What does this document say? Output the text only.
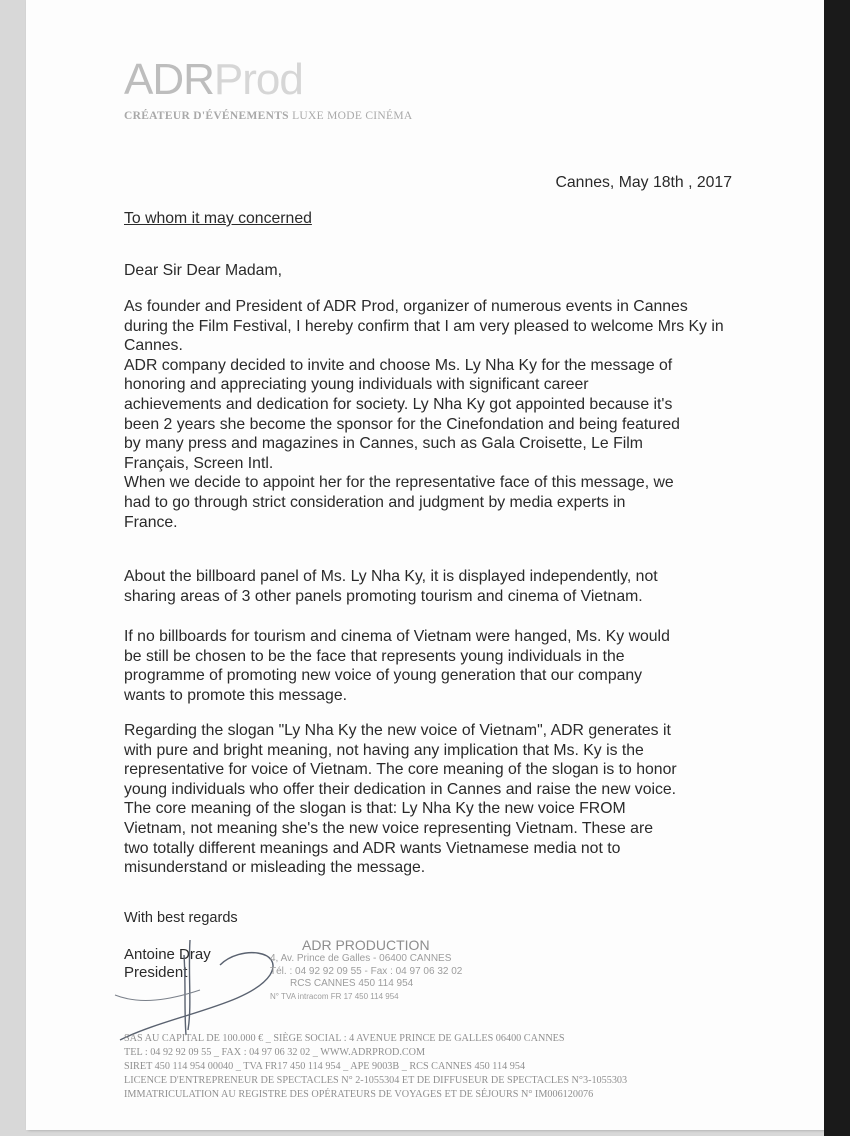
ADRProd
CRÉATEUR D'ÉVÉNEMENTS LUXE MODE CINÉMA
Cannes, May 18th , 2017
To whom it may concerned
Dear Sir Dear Madam,
As founder and President of ADR Prod, organizer of numerous events in Cannes
during the Film Festival, I hereby confirm that I am very pleased to welcome Mrs Ky in
Cannes.
ADR company decided to invite and choose Ms. Ly Nha Ky for the message of
honoring and appreciating young individuals with significant career
achievements and dedication for society. Ly Nha Ky got appointed because it's
been 2 years she become the sponsor for the Cinefondation and being featured
by many press and magazines in Cannes, such as Gala Croisette, Le Film
Français, Screen Intl.
When we decide to appoint her for the representative face of this message, we
had to go through strict consideration and judgment by media experts in
France.
About the billboard panel of Ms. Ly Nha Ky, it is displayed independently, not
sharing areas of 3 other panels promoting tourism and cinema of Vietnam.
If no billboards for tourism and cinema of Vietnam were hanged, Ms. Ky would
be still be chosen to be the face that represents young individuals in the
programme of promoting new voice of young generation that our company
wants to promote this message.
Regarding the slogan "Ly Nha Ky the new voice of Vietnam", ADR generates it
with pure and bright meaning, not having any implication that Ms. Ky is the
representative for voice of Vietnam. The core meaning of the slogan is to honor
young individuals who offer their dedication in Cannes and raise the new voice.
The core meaning of the slogan is that: Ly Nha Ky the new voice FROM
Vietnam, not meaning she's the new voice representing Vietnam. These are
two totally different meanings and ADR wants Vietnamese media not to
misunderstand or misleading the message.
With best regards
Antoine Dray
President
ADR PRODUCTION
4, Av. Prince de Galles - 06400 CANNES
Tél. : 04 92 92 09 55 - Fax : 04 97 06 32 02
RCS CANNES 450 114 954
N° TVA intracom FR 17 450 114 954
SAS AU CAPITAL DE 100.000 € _ SIÈGE SOCIAL : 4 AVENUE PRINCE DE GALLES 06400 CANNES
TEL : 04 92 92 09 55 _ FAX : 04 97 06 32 02 _ WWW.ADRPROD.COM
SIRET 450 114 954 00040 _ TVA FR17 450 114 954 _ APE 9003B _ RCS CANNES 450 114 954
LICENCE D'ENTREPRENEUR DE SPECTACLES N° 2-1055304 ET DE DIFFUSEUR DE SPECTACLES N°3-1055303
IMMATRICULATION AU REGISTRE DES OPÉRATEURS DE VOYAGES ET DE SÉJOURS N° IM006120076
